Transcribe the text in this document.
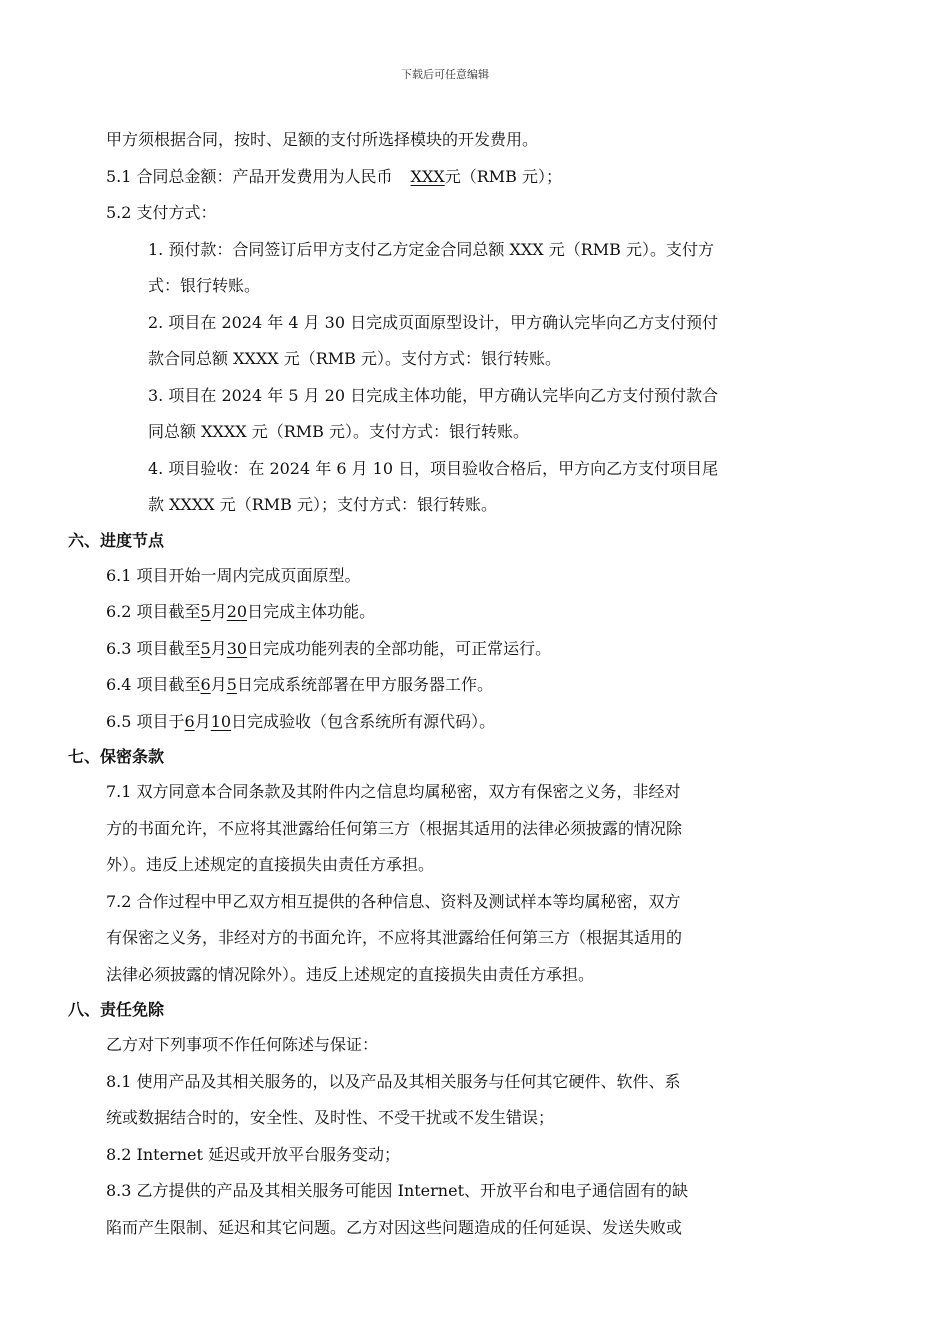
下载后可任意编辑
甲方须根据合同，按时、足额的支付所选择模块的开发费用。
5.1 合同总金额：产品开发费用为人民币 XXX元（RMB 元）；
5.2 支付方式：
1. 预付款：合同签订后甲方支付乙方定金合同总额 XXX 元（RMB 元）。支付方
式：银行转账。
2. 项目在 2024 年 4 月 30 日完成页面原型设计，甲方确认完毕向乙方支付预付
款合同总额 XXXX 元（RMB 元）。支付方式：银行转账。
3. 项目在 2024 年 5 月 20 日完成主体功能，甲方确认完毕向乙方支付预付款合
同总额 XXXX 元（RMB 元）。支付方式：银行转账。
4. 项目验收：在 2024 年 6 月 10 日，项目验收合格后，甲方向乙方支付项目尾
款 XXXX 元（RMB 元）；支付方式：银行转账。
六、进度节点
6.1 项目开始一周内完成页面原型。
6.2 项目截至5月20日完成主体功能。
6.3 项目截至5月30日完成功能列表的全部功能，可正常运行。
6.4 项目截至6月5日完成系统部署在甲方服务器工作。
6.5 项目于6月10日完成验收（包含系统所有源代码）。
七、保密条款
7.1 双方同意本合同条款及其附件内之信息均属秘密，双方有保密之义务，非经对
方的书面允许，不应将其泄露给任何第三方（根据其适用的法律必须披露的情况除
外）。违反上述规定的直接损失由责任方承担。
7.2 合作过程中甲乙双方相互提供的各种信息、资料及测试样本等均属秘密，双方
有保密之义务，非经对方的书面允许，不应将其泄露给任何第三方（根据其适用的
法律必须披露的情况除外）。违反上述规定的直接损失由责任方承担。
八、责任免除
乙方对下列事项不作任何陈述与保证：
8.1 使用产品及其相关服务的，以及产品及其相关服务与任何其它硬件、软件、系
统或数据结合时的，安全性、及时性、不受干扰或不发生错误；
8.2 Internet 延迟或开放平台服务变动；
8.3 乙方提供的产品及其相关服务可能因 Internet、开放平台和电子通信固有的缺
陷而产生限制、延迟和其它问题。乙方对因这些问题造成的任何延误、发送失败或
